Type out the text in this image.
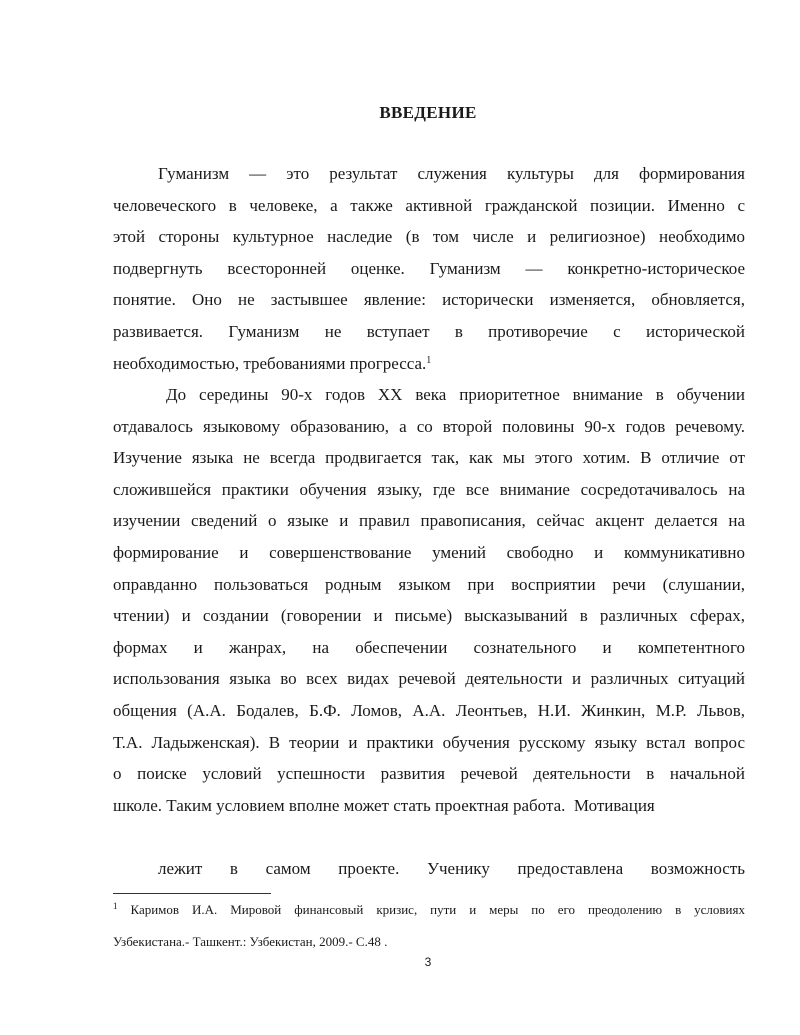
ВВЕДЕНИЕ
Гуманизм — это результат служения культуры для формирования
человеческого в человеке, а также активной гражданской позиции. Именно с
этой стороны культурное наследие (в том числе и религиозное) необходимо
подвергнуть всесторонней оценке. Гуманизм — конкретно-историческое
понятие. Оно не застывшее явление: исторически изменяется, обновляется,
развивается. Гуманизм не вступает в противоречие с исторической
необходимостью, требованиями прогресса.$^1$
До середины 90-х годов XX века приоритетное внимание в обучении
отдавалось языковому образованию, а со второй половины 90-х годов речевому.
Изучение языка не всегда продвигается так, как мы этого хотим. В отличие от
сложившейся практики обучения языку, где все внимание сосредотачивалось на
изучении сведений о языке и правил правописания, сейчас акцент делается на
формирование и совершенствование умений свободно и коммуникативно
оправданно пользоваться родным языком при восприятии речи (слушании,
чтении) и создании (говорении и письме) высказываний в различных сферах,
формах и жанрах, на обеспечении сознательного и компетентного
использования языка во всех видах речевой деятельности и различных ситуаций
общения (А.А. Бодалев, Б.Ф. Ломов, А.А. Леонтьев, Н.И. Жинкин, М.Р. Львов,
Т.А. Ладыженская). В теории и практики обучения русскому языку встал вопрос
о поиске условий успешности развития речевой деятельности в начальной
школе. Таким условием вполне может стать проектная работа.  Мотивация
лежит в самом проекте. Ученику предоставлена возможность
$^1$ Каримов И.А. Мировой финансовый кризис, пути и меры по его преодолению в условиях
Узбекистана.- Ташкент.: Узбекистан, 2009.- С.48 .
3
